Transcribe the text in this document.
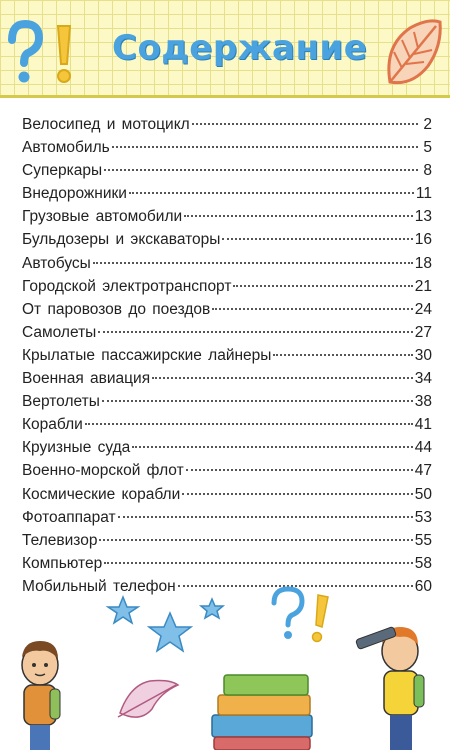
Содержание
Велосипед и мотоцикл	2
Автомобиль	5
Суперкары	8
Внедорожники	11
Грузовые автомобили	13
Бульдозеры и экскаваторы	16
Автобусы	18
Городской электротранспорт	21
От паровозов до поездов	24
Самолеты	27
Крылатые пассажирские лайнеры	30
Военная авиация	34
Вертолеты	38
Корабли	41
Круизные суда	44
Военно-морской флот	47
Космические корабли	50
Фотоаппарат	53
Телевизор	55
Компьютер	58
Мобильный телефон	60
